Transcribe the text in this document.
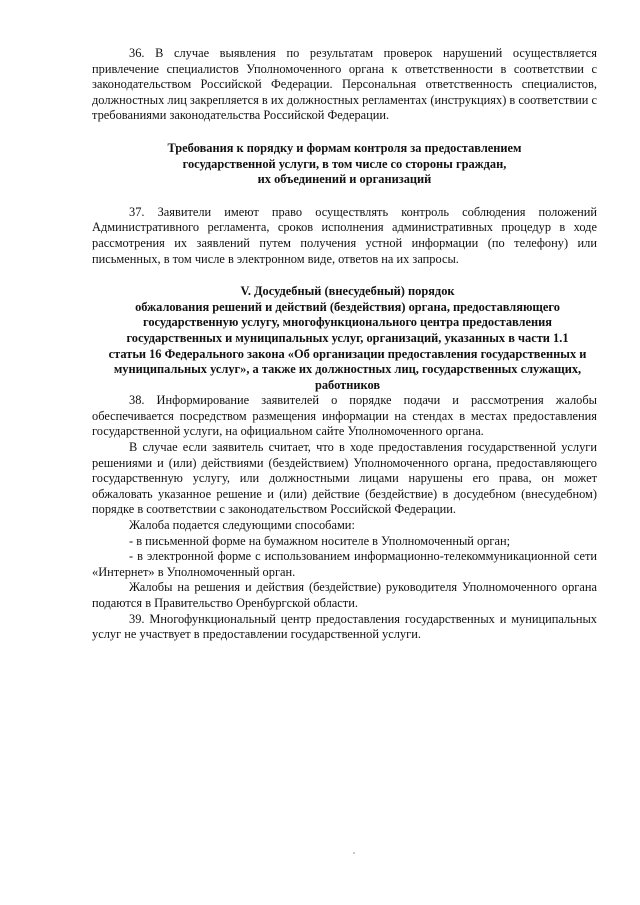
36. В случае выявления по результатам проверок нарушений осуществляется привлечение специалистов Уполномоченного органа к ответственности в соответствии с законодательством Российской Федерации. Персональная ответственность специалистов, должностных лиц закрепляется в их должностных регламентах (инструкциях) в соответствии с требованиями законодательства Российской Федерации.

Требования к порядку и формам контроля за предоставлением
государственной услуги, в том числе со стороны граждан,
их объединений и организаций

37. Заявители имеют право осуществлять контроль соблюдения положений Административного регламента, сроков исполнения административных процедур в ходе рассмотрения их заявлений путем получения устной информации (по телефону) или письменных, в том числе в электронном виде, ответов на их запросы.

V. Досудебный (внесудебный) порядок
обжалования решений и действий (бездействия) органа, предоставляющего
государственную услугу, многофункционального центра предоставления
государственных и муниципальных услуг, организаций, указанных в части 1.1
статьи 16 Федерального закона «Об организации предоставления государственных и
муниципальных услуг», а также их должностных лиц, государственных служащих,
работников

38. Информирование заявителей о порядке подачи и рассмотрения жалобы обеспечивается посредством размещения информации на стендах в местах предоставления государственной услуги, на официальном сайте Уполномоченного органа.

В случае если заявитель считает, что в ходе предоставления государственной услуги решениями и (или) действиями (бездействием) Уполномоченного органа, предоставляющего государственную услугу, или должностными лицами нарушены его права, он может обжаловать указанное решение и (или) действие (бездействие) в досудебном (внесудебном) порядке в соответствии с законодательством Российской Федерации.

Жалоба подается следующими способами:

- в письменной форме на бумажном носителе в Уполномоченный орган;

- в электронной форме с использованием информационно-телекоммуникационной сети «Интернет» в Уполномоченный орган.

Жалобы на решения и действия (бездействие) руководителя Уполномоченного органа подаются в Правительство Оренбургской области.

39. Многофункциональный центр предоставления государственных и муниципальных услуг не участвует в предоставлении государственной услуги.
